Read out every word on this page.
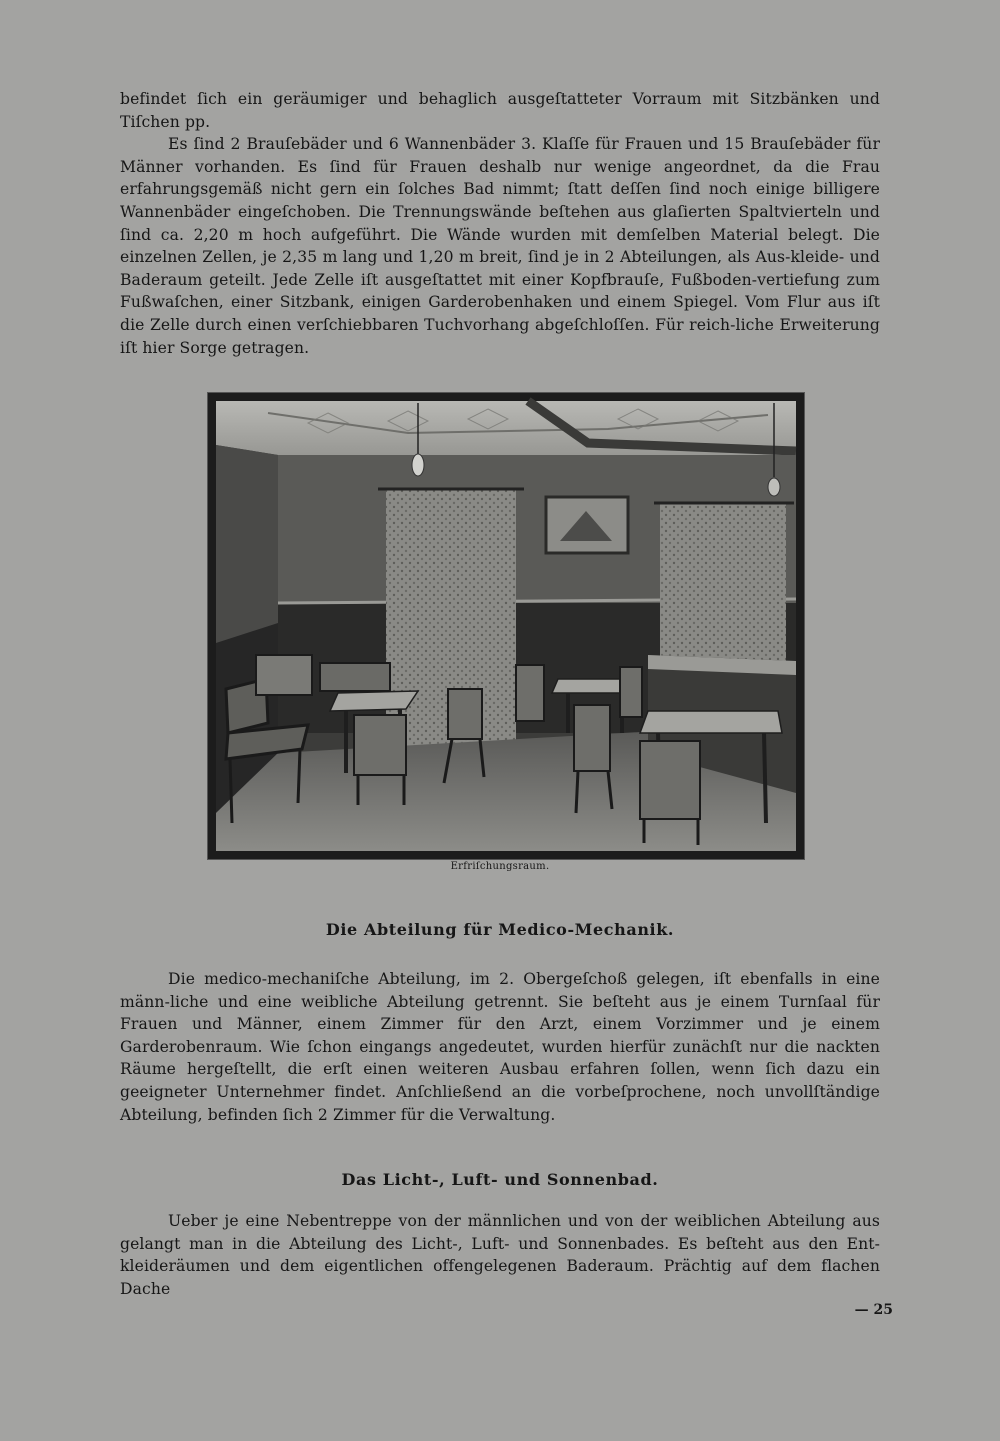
befindet ſich ein geräumiger und behaglich ausgeſtatteter Vorraum mit Sitzbänken und Tiſchen pp.

Es ſind 2 Brauſebäder und 6 Wannenbäder 3. Klaſſe für Frauen und 15 Brauſebäder für Männer vorhanden. Es ſind für Frauen deshalb nur wenige angeordnet, da die Frau erfahrungsgemäß nicht gern ein ſolches Bad nimmt; ſtatt deſſen ſind noch einige billigere Wannenbäder eingeſchoben. Die Trennungswände beſtehen aus glaſierten Spaltvierteln und ſind ca. 2,20 m hoch aufgeführt. Die Wände wurden mit demſelben Material belegt. Die einzelnen Zellen, je 2,35 m lang und 1,20 m breit, ſind je in 2 Abteilungen, als Aus-kleide- und Baderaum geteilt. Jede Zelle iſt ausgeſtattet mit einer Kopfbrauſe, Fußboden-vertiefung zum Fußwaſchen, einer Sitzbank, einigen Garderobenhaken und einem Spiegel. Vom Flur aus iſt die Zelle durch einen verſchiebbaren Tuchvorhang abgeſchloſſen. Für reich-liche Erweiterung iſt hier Sorge getragen.

Erfriſchungsraum.
Die Abteilung für Medico-Mechanik.

Die medico-mechaniſche Abteilung, im 2. Obergeſchoß gelegen, iſt ebenfalls in eine männ-liche und eine weibliche Abteilung getrennt. Sie beſteht aus je einem Turnſaal für Frauen und Männer, einem Zimmer für den Arzt, einem Vorzimmer und je einem Garderobenraum. Wie ſchon eingangs angedeutet, wurden hierfür zunächſt nur die nackten Räume hergeſtellt, die erſt einen weiteren Ausbau erfahren ſollen, wenn ſich dazu ein geeigneter Unternehmer findet. Anſchließend an die vorbeſprochene, noch unvollſtändige Abteilung, befinden ſich 2 Zimmer für die Verwaltung.

Das Licht-, Luft- und Sonnenbad.

Ueber je eine Nebentreppe von der männlichen und von der weiblichen Abteilung aus gelangt man in die Abteilung des Licht-, Luft- und Sonnenbades. Es beſteht aus den Ent-kleideräumen und dem eigentlichen offengelegenen Baderaum. Prächtig auf dem flachen Dache

— 25
